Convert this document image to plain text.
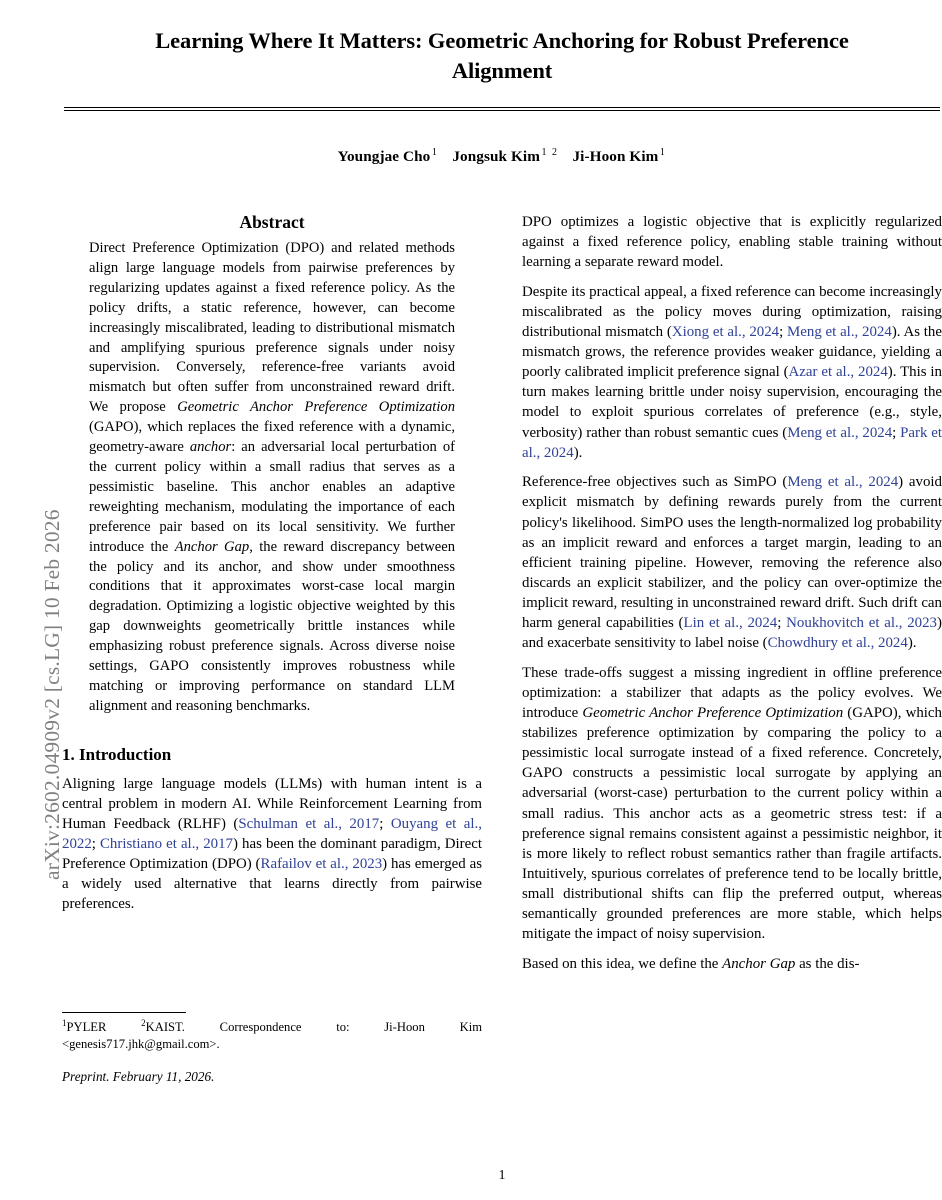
arXiv:2602.04909v2 [cs.LG] 10 Feb 2026
Learning Where It Matters: Geometric Anchoring for Robust Preference Alignment
Youngjae Cho $^1$ Jongsuk Kim $^{1 2}$ Ji-Hoon Kim $^1$
Abstract
Direct Preference Optimization (DPO) and related methods align large language models from pairwise preferences by regularizing updates against a fixed reference policy. As the policy drifts, a static reference, however, can become increasingly miscalibrated, leading to distributional mismatch and amplifying spurious preference signals under noisy supervision. Conversely, reference-free variants avoid mismatch but often suffer from unconstrained reward drift. We propose Geometric Anchor Preference Optimization (GAPO), which replaces the fixed reference with a dynamic, geometry-aware anchor: an adversarial local perturbation of the current policy within a small radius that serves as a pessimistic baseline. This anchor enables an adaptive reweighting mechanism, modulating the importance of each preference pair based on its local sensitivity. We further introduce the Anchor Gap, the reward discrepancy between the policy and its anchor, and show under smoothness conditions that it approximates worst-case local margin degradation. Optimizing a logistic objective weighted by this gap downweights geometrically brittle instances while emphasizing robust preference signals. Across diverse noise settings, GAPO consistently improves robustness while matching or improving performance on standard LLM alignment and reasoning benchmarks.
1. Introduction

Aligning large language models (LLMs) with human intent is a central problem in modern AI. While Reinforcement Learning from Human Feedback (RLHF) (Schulman et al., 2017; Ouyang et al., 2022; Christiano et al., 2017) has been the dominant paradigm, Direct Preference Optimization (DPO) (Rafailov et al., 2023) has emerged as a widely used alternative that learns directly from pairwise preferences.

$^1$PYLER $^2$KAIST. Correspondence to: Ji-Hoon Kim <genesis717.jhk@gmail.com>.

Preprint. February 11, 2026.

DPO optimizes a logistic objective that is explicitly regularized against a fixed reference policy, enabling stable training without learning a separate reward model.

Despite its practical appeal, a fixed reference can become increasingly miscalibrated as the policy moves during optimization, raising distributional mismatch (Xiong et al., 2024; Meng et al., 2024). As the mismatch grows, the reference provides weaker guidance, yielding a poorly calibrated implicit preference signal (Azar et al., 2024). This in turn makes learning brittle under noisy supervision, encouraging the model to exploit spurious correlates of preference (e.g., style, verbosity) rather than robust semantic cues (Meng et al., 2024; Park et al., 2024).

Reference-free objectives such as SimPO (Meng et al., 2024) avoid explicit mismatch by defining rewards purely from the current policy's likelihood. SimPO uses the length-normalized log probability as an implicit reward and enforces a target margin, leading to an efficient training pipeline. However, removing the reference also discards an explicit stabilizer, and the policy can over-optimize the implicit reward, resulting in unconstrained reward drift. Such drift can harm general capabilities (Lin et al., 2024; Noukhovitch et al., 2023) and exacerbate sensitivity to label noise (Chowdhury et al., 2024).

These trade-offs suggest a missing ingredient in offline preference optimization: a stabilizer that adapts as the policy evolves. We introduce Geometric Anchor Preference Optimization (GAPO), which stabilizes preference optimization by comparing the policy to a pessimistic local surrogate instead of a fixed reference. Concretely, GAPO constructs a pessimistic local surrogate by applying an adversarial (worst-case) perturbation to the current policy within a small radius. This anchor acts as a geometric stress test: if a preference signal remains consistent against a pessimistic neighbor, it is more likely to reflect robust semantics rather than fragile artifacts. Intuitively, spurious correlates of preference tend to be locally brittle, small distributional shifts can flip the preferred output, whereas semantically grounded preferences are more stable, which helps mitigate the impact of noisy supervision.

Based on this idea, we define the Anchor Gap as the dis-

1
